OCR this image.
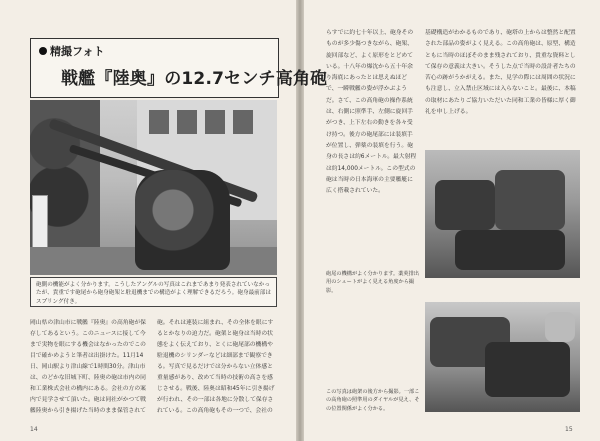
精撮フォト
戦艦『陸奥』の12.7センチ高角砲
砲側の機能がよく分かります。こうしたアングルの写真はこれまであまり発表されていなかったが、貴重です砲尾から砲身砲架と駐退機までの構造がよく理解できるだろう。砲身最前部はスプリング付き。
岡山県の津山市に戦艦『陸奥』の高角砲が保存してあるという。このニュースに接して今まで実物を眼にする機会はなかったのでこの目で確かめようと筆者は出掛けた。11月14日、岡山駅より津山線で1時間30分。津山市は、のどかな旧城下町、陸奥の砲は市内の同和工業株式会社の構内にある。会社の方の案内で見学させて頂いた。砲は同社がかつて戦艦陸奥から引き揚げた当時のまま保管されて
砲。それは連装に組まれ、その全体を眼にするとかなりの迫力だ。砲架と砲身は当時の状態をよく伝えており、とくに砲尾部の機構や駐退機のシリンダーなどは細部まで観察できる。写真で見るだけでは分からない立体感と重量感があり、改めて当時の技術の高さを感じさせる。戦後、陸奥は昭和45年に引き揚げが行われ、その一部は各地に分散して保存されている。この高角砲もその一つで、会社の
14
らすでに約七十年以上、砲身そのものが多少傷つきながら、砲架、旋回部など、よく原形をとどめている。十八年の爆沈から五十年余り海底にあったとは思えぬほどで、一瞬戦艦の姿が浮かぶようだ。さて、この高角砲の操作系統は、右側に照準手、左側に旋回手がつき、上下左右の動きを各々受け持つ。後方の砲尾部には装填手が位置し、弾薬の装填を行う。砲身の長さは約6メートル。最大射程は約14,000メートル。この型式の砲は当時の日本海軍の主要艦艇に広く搭載されていた。
基礎構造がわかるものであり、砲塔の上からは整然と配置された部品の姿がよく見える。この高角砲は、原型、構造ともに当時のほぼそのまま残されており、貴重な資料として保存の意義は大きい。そうした点で当時の設計者たちの苦心の跡がうかがえる。また、見学の際には周囲の状況にも注意し、立入禁止区域には入らないこと。最後に、本稿の取材にあたりご協力いただいた同和工業の皆様に厚く御礼を申し上げる。
砲尾の機構がよく分かります。薬莢排出用のシュートがよく見える角度から撮影。
この写真は砲架の後方から撮影。一部この高角砲の照準用のダイヤルが見え、その位置関係がよく分かる。
15
